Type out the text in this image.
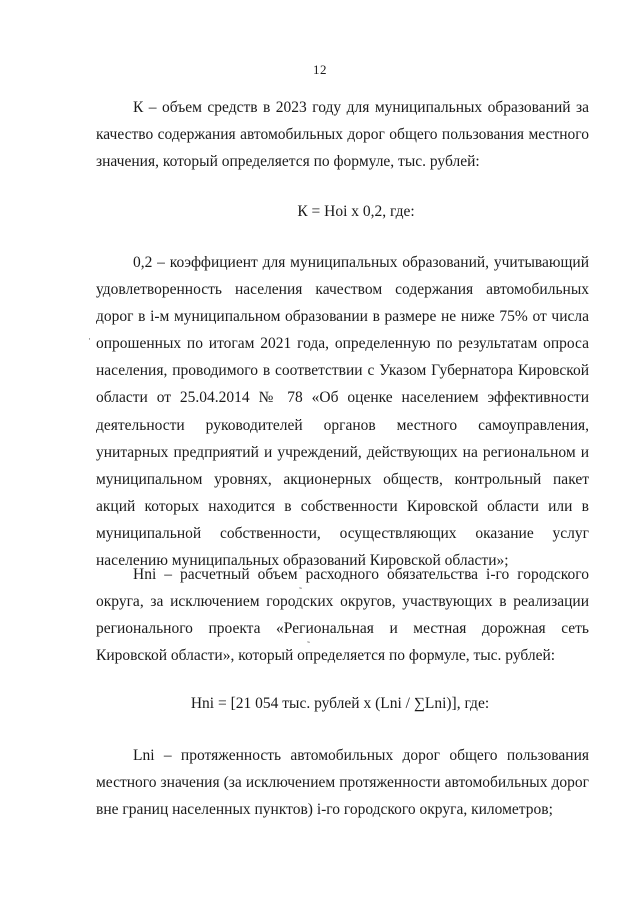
12
К – объем средств в 2023 году для муниципальных образований за качество содержания автомобильных дорог общего пользования местного значения, который определяется по формуле, тыс. рублей:
К = Нoi х 0,2, где:
0,2 – коэффициент для муниципальных образований, учитывающий удовлетворенность населения качеством содержания автомобильных дорог в i-м муниципальном образовании в размере не ниже 75% от числа опрошенных по итогам 2021 года, определенную по результатам опроса населения, проводимого в соответствии с Указом Губернатора Кировской области от 25.04.2014 № 78 «Об оценке населением эффективности деятельности руководителей органов местного самоуправления, унитарных предприятий и учреждений, действующих на региональном и муниципальном уровнях, акционерных обществ, контрольный пакет акций которых находится в собственности Кировской области или в муниципальной собственности, осуществляющих оказание услуг населению муниципальных образований Кировской области»;
Нni – расчетный объем расходного обязательства i-го городского округа, за исключением городских округов, участвующих в реализации регионального проекта «Региональная и местная дорожная сеть Кировской области», который определяется по формуле, тыс. рублей:
Нni = [21 054 тыс. рублей х (Lni / ∑Lni)], где:
Lni – протяженность автомобильных дорог общего пользования местного значения (за исключением протяженности автомобильных дорог вне границ населенных пунктов) i-го городского округа, километров;
·
˜
˜
